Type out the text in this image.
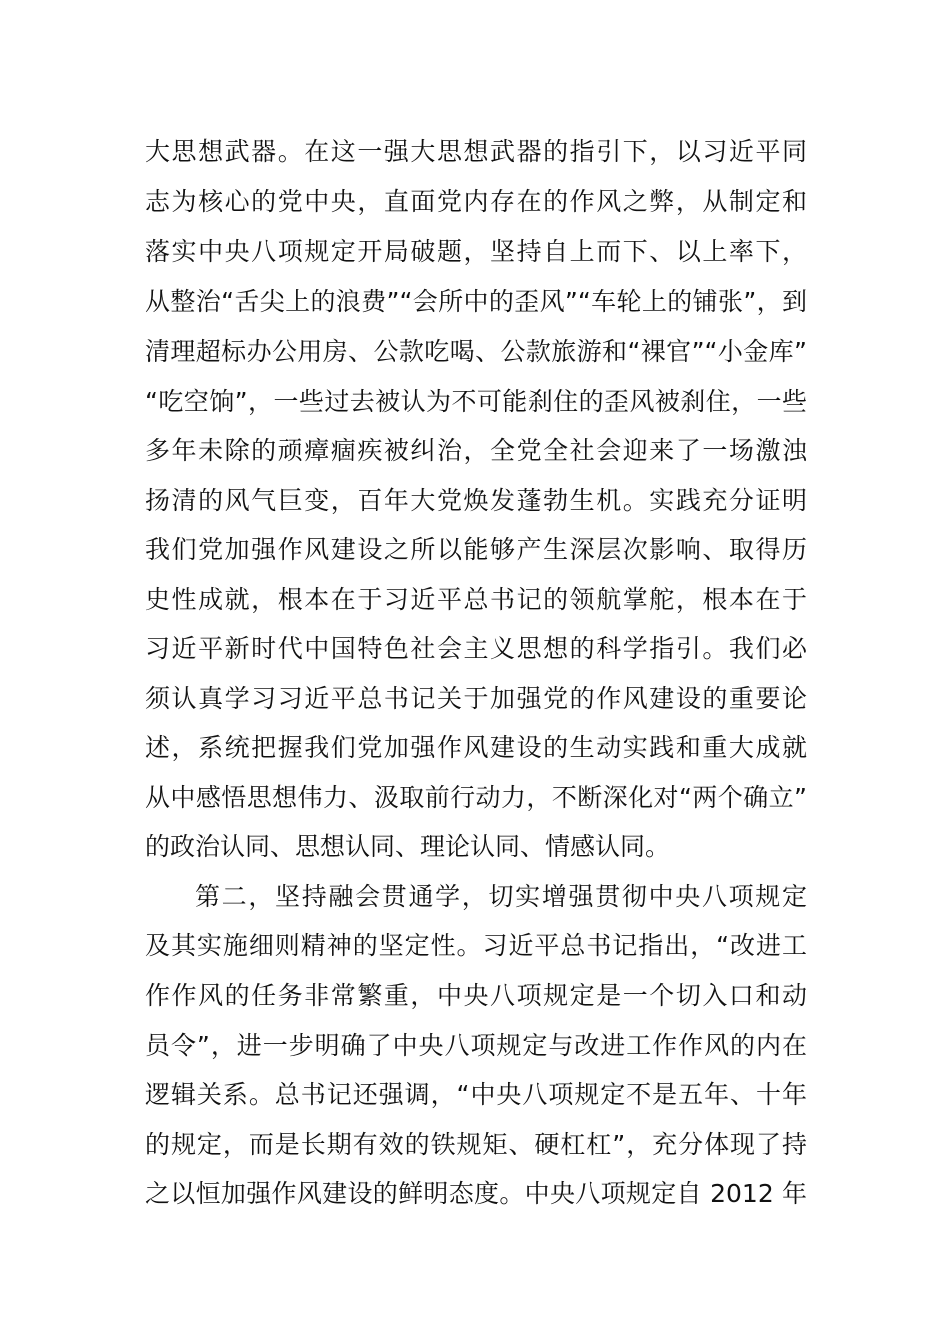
大思想武器。在这一强大思想武器的指引下，以习近平同
志为核心的党中央，直面党内存在的作风之弊，从制定和
落实中央八项规定开局破题，坚持自上而下、以上率下，
从整治“舌尖上的浪费”“会所中的歪风”“车轮上的铺张”，到
清理超标办公用房、公款吃喝、公款旅游和“裸官”“小金库”
“吃空饷”，一些过去被认为不可能刹住的歪风被刹住，一些
多年未除的顽瘴痼疾被纠治，全党全社会迎来了一场激浊
扬清的风气巨变，百年大党焕发蓬勃生机。实践充分证明
我们党加强作风建设之所以能够产生深层次影响、取得历
史性成就，根本在于习近平总书记的领航掌舵，根本在于
习近平新时代中国特色社会主义思想的科学指引。我们必
须认真学习习近平总书记关于加强党的作风建设的重要论
述，系统把握我们党加强作风建设的生动实践和重大成就
从中感悟思想伟力、汲取前行动力，不断深化对“两个确立”
的政治认同、思想认同、理论认同、情感认同。
第二，坚持融会贯通学，切实增强贯彻中央八项规定
及其实施细则精神的坚定性。习近平总书记指出，“改进工
作作风的任务非常繁重，中央八项规定是一个切入口和动
员令”，进一步明确了中央八项规定与改进工作作风的内在
逻辑关系。总书记还强调，“中央八项规定不是五年、十年
的规定，而是长期有效的铁规矩、硬杠杠”，充分体现了持
之以恒加强作风建设的鲜明态度。中央八项规定自 2012 年
